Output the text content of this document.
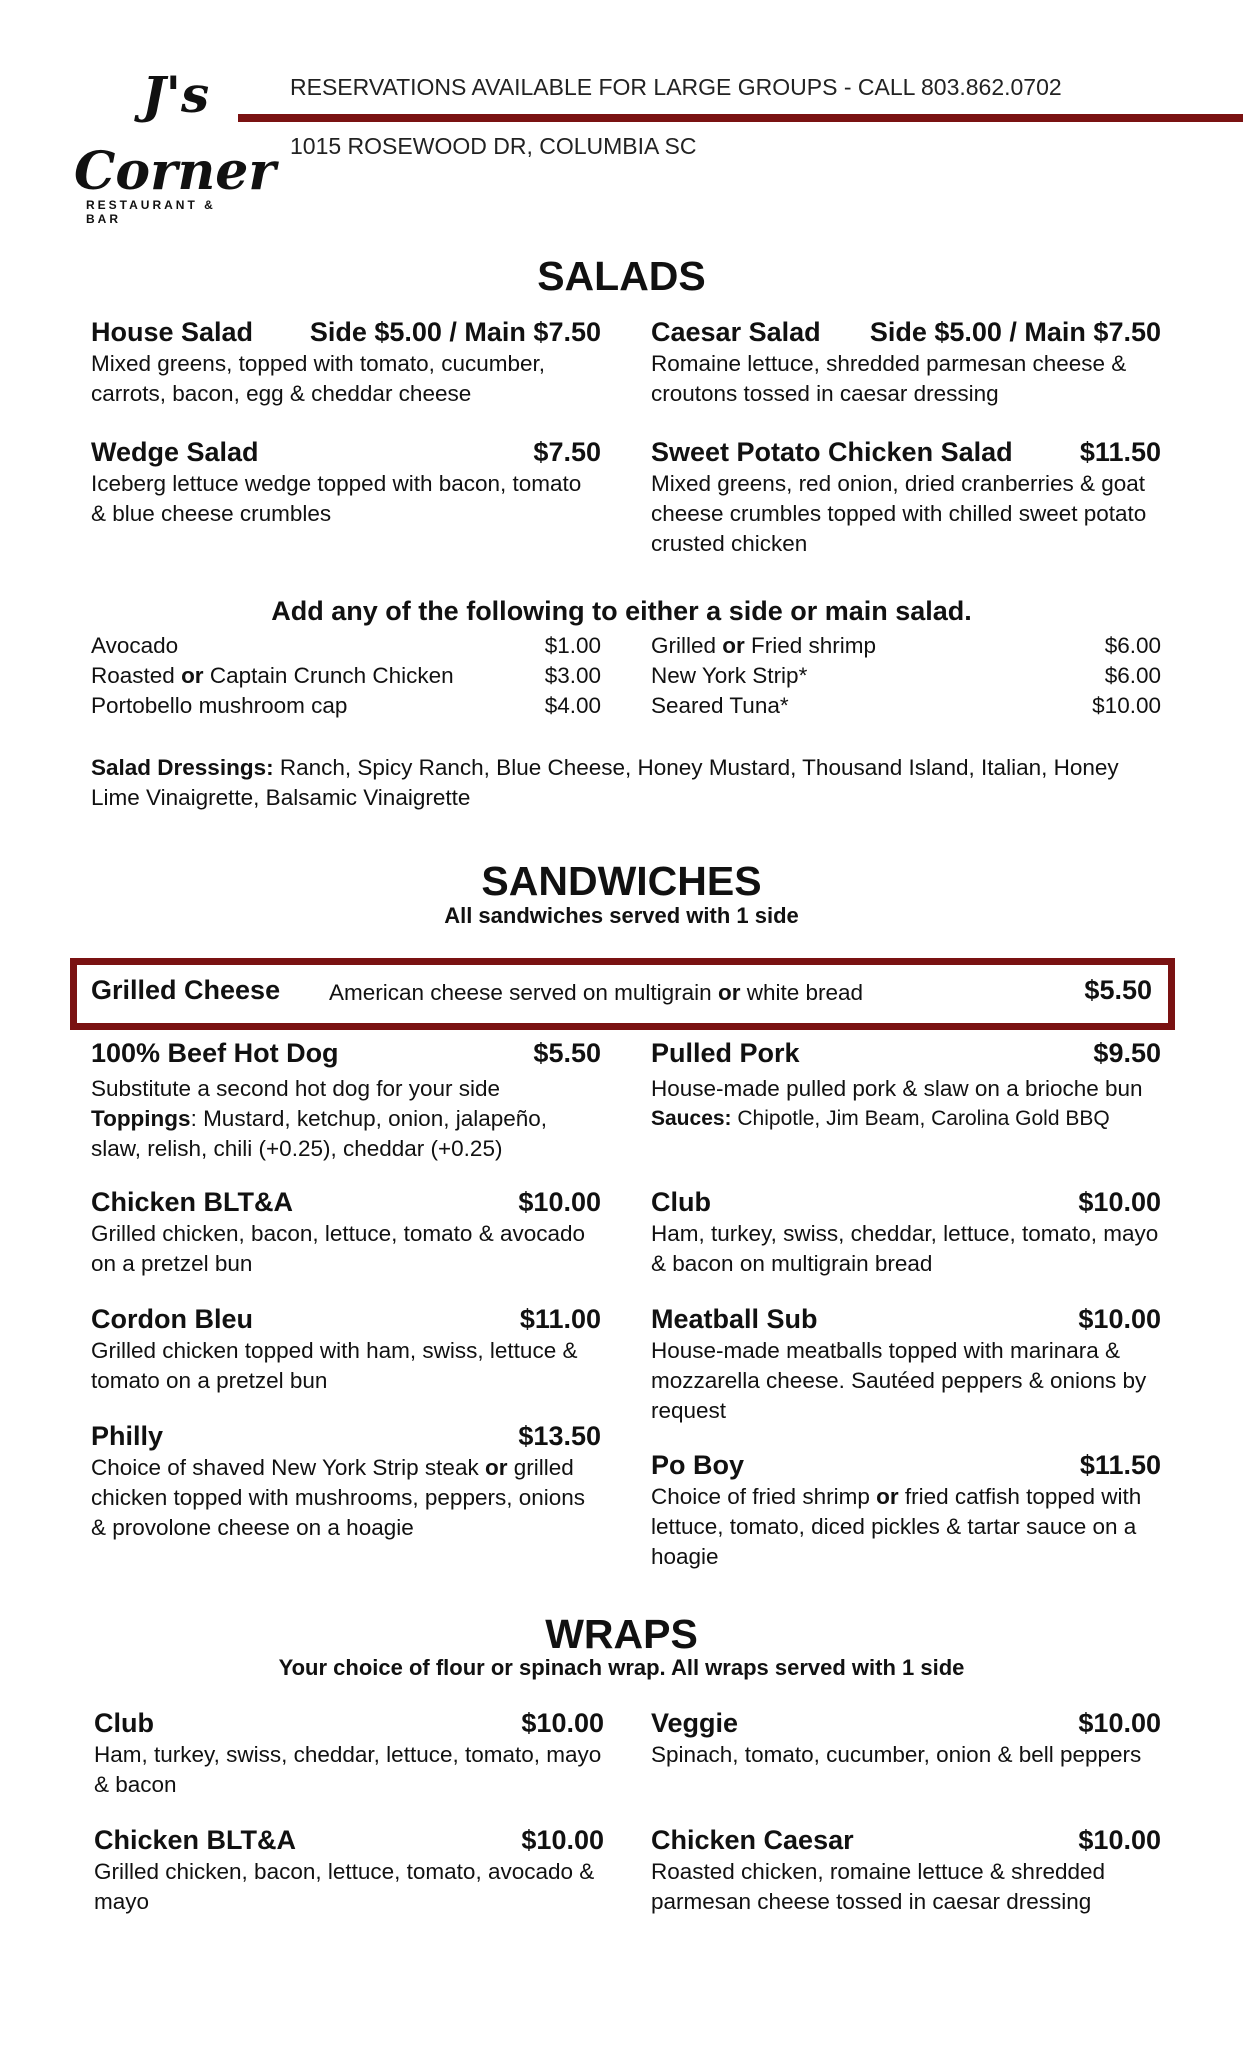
J's
Corner
RESTAURANT & BAR
RESERVATIONS AVAILABLE FOR LARGE GROUPS - CALL 803.862.0702
1015 ROSEWOOD DR, COLUMBIA SC
SALADS
House Salad Side $5.00 / Main $7.50
Mixed greens, topped with tomato, cucumber, carrots, bacon, egg & cheddar cheese
Caesar Salad Side $5.00 / Main $7.50
Romaine lettuce, shredded parmesan cheese & croutons tossed in caesar dressing
Wedge Salad	$7.50
Iceberg lettuce wedge topped with bacon, tomato & blue cheese crumbles
Sweet Potato Chicken Salad $11.50
Mixed greens, red onion, dried cranberries & goat cheese crumbles topped with chilled sweet potato crusted chicken
Add any of the following to either a side or main salad.
Avocado	$1.00
Roasted or Captain Crunch Chicken	$3.00
Portobello mushroom cap	$4.00
Grilled or Fried shrimp	$6.00
New York Strip*	$6.00
Seared Tuna*	$10.00
Salad Dressings: Ranch, Spicy Ranch, Blue Cheese, Honey Mustard, Thousand Island, Italian, Honey Lime Vinaigrette, Balsamic Vinaigrette
SANDWICHES
All sandwiches served with 1 side
Grilled Cheese American cheese served on multigrain or white bread	$5.50
100% Beef Hot Dog	$5.50
Substitute a second hot dog for your side
Toppings: Mustard, ketchup, onion, jalapeño, slaw, relish, chili (+0.25), cheddar (+0.25)
Pulled Pork	$9.50
House-made pulled pork & slaw on a brioche bun
Sauces: Chipotle, Jim Beam, Carolina Gold BBQ
Chicken BLT&A	$10.00
Grilled chicken, bacon, lettuce, tomato & avocado on a pretzel bun
Club	$10.00
Ham, turkey, swiss, cheddar, lettuce, tomato, mayo & bacon on multigrain bread
Cordon Bleu	$11.00
Grilled chicken topped with ham, swiss, lettuce & tomato on a pretzel bun
Meatball Sub	$10.00
House-made meatballs topped with marinara & mozzarella cheese. Sautéed peppers & onions by request
Philly	$13.50
Choice of shaved New York Strip steak or grilled chicken topped with mushrooms, peppers, onions & provolone cheese on a hoagie
Po Boy	$11.50
Choice of fried shrimp or fried catfish topped with lettuce, tomato, diced pickles & tartar sauce on a hoagie
WRAPS
Your choice of flour or spinach wrap. All wraps served with 1 side
Club	$10.00
Ham, turkey, swiss, cheddar, lettuce, tomato, mayo & bacon
Veggie	$10.00
Spinach, tomato, cucumber, onion & bell peppers
Chicken BLT&A	$10.00
Grilled chicken, bacon, lettuce, tomato, avocado & mayo
Chicken Caesar	$10.00
Roasted chicken, romaine lettuce & shredded parmesan cheese tossed in caesar dressing
